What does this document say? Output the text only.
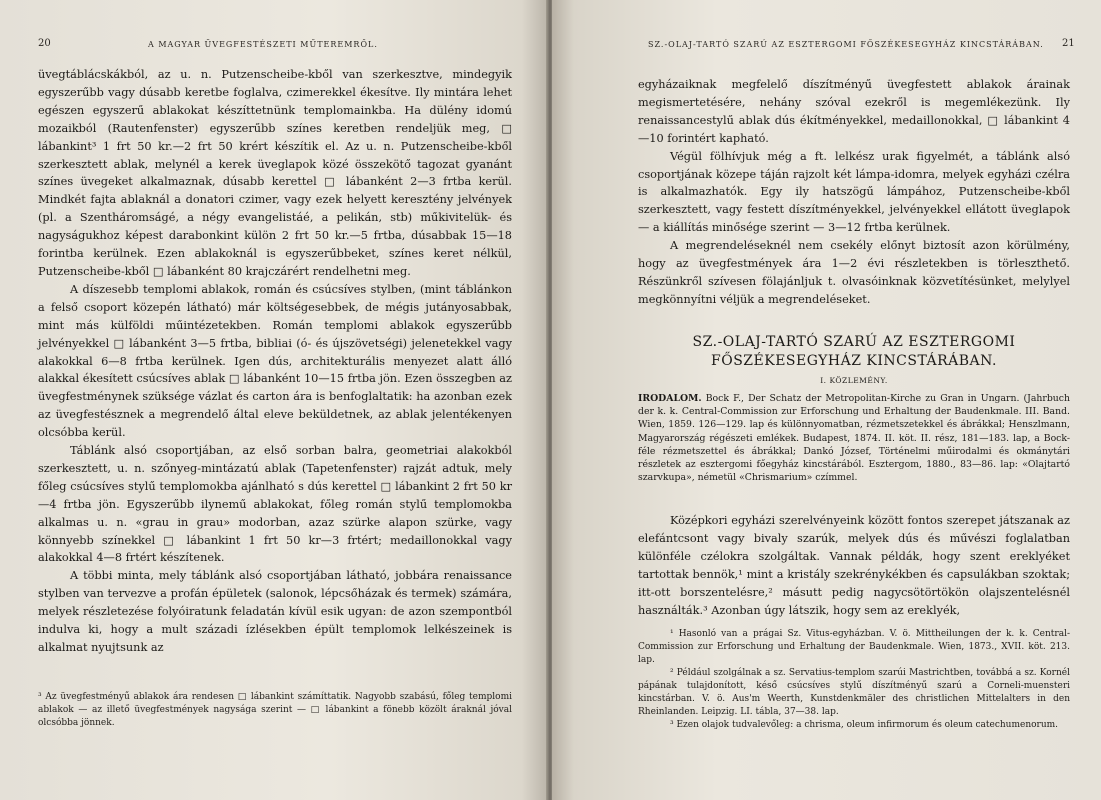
20	A MAGYAR ÜVEGFESTÉSZETI MŰTEREMRŐL.

üvegtáblácskákból, az u. n. Putzenscheibe-kből van szerkesztve, mindegyik egyszerűbb vagy dúsabb keretbe foglalva, czimerekkel ékesítve. Ily mintára lehet egészen egyszerű ablakokat készíttetnünk templomainkba. Ha dülény idomú mozaikból (Rautenfenster) egyszerűbb színes keretben rendeljük meg, □ lábankint³ 1 frt 50 kr.—2 frt 50 krért készítik el. Az u. n. Putzenscheibe-kből szerkesztett ablak, melynél a kerek üveglapok közé összekötő tagozat gyanánt színes üvegeket alkalmaznak, dúsabb kerettel □ lábanként 2—3 frtba kerül. Mindkét fajta ablaknál a donatori czimer, vagy ezek helyett keresztény jelvények (pl. a Szentháromságé, a négy evangelistáé, a pelikán, stb) műkivitelük- és nagyságukhoz képest darabonkint külön 2 frt 50 kr.—5 frtba, dúsabbak 15—18 forintba kerülnek. Ezen ablakoknál is egyszerűbbeket, színes keret nélkül, Putzenscheibe-kből □ lábanként 80 krajczárért rendelhetni meg.

A díszesebb templomi ablakok, román és csúcsíves stylben, (mint táblánkon a felső csoport közepén látható) már költségesebbek, de mégis jutányosabbak, mint más külföldi műintézetekben. Román templomi ablakok egyszerűbb jelvényekkel □ lábanként 3—5 frtba, bibliai (ó- és újszövetségi) jelenetekkel vagy alakokkal 6—8 frtba kerülnek. Igen dús, architekturális menyezet alatt álló alakkal ékesített csúcsíves ablak □ lábanként 10—15 frtba jön. Ezen összegben az üvegfestménynek szüksége vázlat és carton ára is benfoglaltatik: ha azonban ezek az üvegfestésznek a megrendelő által eleve beküldetnek, az ablak jelentékenyen olcsóbba kerül.

Táblánk alsó csoportjában, az első sorban balra, geometriai alakokból szerkesztett, u. n. szőnyeg-mintázatú ablak (Tapetenfenster) rajzát adtuk, mely főleg csúcsíves stylű templomokba ajánlható s dús kerettel □ lábankint 2 frt 50 kr—4 frtba jön. Egyszerűbb ilynemű ablakokat, főleg román stylű templomokba alkalmas u. n. «grau in grau» modorban, azaz szürke alapon szürke, vagy könnyebb színekkel □ lábankint 1 frt 50 kr—3 frtért; medaillonokkal vagy alakokkal 4—8 frtért készítenek.

A többi minta, mely táblánk alsó csoportjában látható, jobbára renaissance stylben van tervezve a profán épületek (salonok, lépcsőházak és termek) számára, melyek részletezése folyóiratunk feladatán kívül esik ugyan: de azon szempontból indulva ki, hogy a mult századi ízlésekben épült templomok lelkészeinek is alkalmat nyujtsunk az

³ Az üvegfestményű ablakok ára rendesen □ lábankint számíttatik. Nagyobb szabású, főleg templomi ablakok — az illető üvegfestmények nagysága szerint — □ lábankint a fönebb közölt áraknál jóval olcsóbba jönnek.

SZ.-OLAJ-TARTÓ SZARÚ AZ ESZTERGOMI FŐSZÉKESEGYHÁZ KINCSTÁRÁBAN. 21

egyházaiknak megfelelő díszítményű üvegfestett ablakok árainak megismertetésére, nehány szóval ezekről is megemlékezünk. Ily renaissancestylű ablak dús ékítményekkel, medaillonokkal, □ lábankint 4—10 forintért kapható.

Végül fölhívjuk még a ft. lelkész urak figyelmét, a táblánk alsó csoportjának közepe táján rajzolt két lámpa-idomra, melyek egyházi czélra is alkalmazhatók. Egy ily hatszögű lámpához, Putzenscheibe-kből szerkesztett, vagy festett díszítményekkel, jelvényekkel ellátott üveglapok — a kiállítás minősége szerint — 3—12 frtba kerülnek.

A megrendeléseknél nem csekély előnyt biztosít azon körülmény, hogy az üvegfestmények ára 1—2 évi részletekben is törleszthető. Részünkről szívesen fölajánljuk t. olvasóinknak közvetítésünket, melylyel megkönnyítni véljük a megrendeléseket.

SZ.-OLAJ-TARTÓ SZARÚ AZ ESZTERGOMI FŐSZÉKESEGYHÁZ KINCSTÁRÁBAN.
I. KÖZLEMÉNY.
IRODALOM. Bock F., Der Schatz der Metropolitan-Kirche zu Gran in Ungarn. (Jahrbuch der k. k. Central-Commission zur Erforschung und Erhaltung der Baudenkmale. III. Band. Wien, 1859. 126—129. lap és különnyomatban, rézmetszetekkel és ábrákkal; Henszlmann, Magyarország régészeti emlékek. Budapest, 1874. II. köt. II. rész, 181—183. lap, a Bock-féle rézmetszettel és ábrákkal; Dankó József, Történelmi műirodalmi és okmánytári részletek az esztergomi főegyház kincstárából. Esztergom, 1880., 83—86. lap: «Olajtartó szarvkupa», németül «Chrismarium» czímmel.

Középkori egyházi szerelvényeink között fontos szerepet játszanak az elefántcsont vagy bivaly szarúk, melyek dús és művészi foglalatban különféle czélokra szolgáltak. Vannak példák, hogy szent ereklyéket tartottak bennök,¹ mint a kristály szekrénykékben és capsulákban szoktak; itt-ott borszentelésre,² másutt pedig nagycsötörtökön olajszentelésnél használták.³ Azonban úgy látszik, hogy sem az ereklyék,

¹ Hasonló van a prágai Sz. Vitus-egyházban. V. ö. Mittheilungen der k. k. Central-Commission zur Erforschung und Erhaltung der Baudenkmale. Wien, 1873., XVII. köt. 213. lap.

² Például szolgálnak a sz. Servatius-templom szarúi Mastrichtben, továbbá a sz. Kornél pápának tulajdonított, késő csúcsíves stylű díszítményű szarú a Corneli-muensteri kincstárban. V. ö. Aus'm Weerth, Kunstdenkmäler des christlichen Mittelalters in den Rheinlanden. Leipzig. LI. tábla, 37—38. lap.

³ Ezen olajok tudvalevőleg: a chrisma, oleum infirmorum és oleum catechumenorum.
